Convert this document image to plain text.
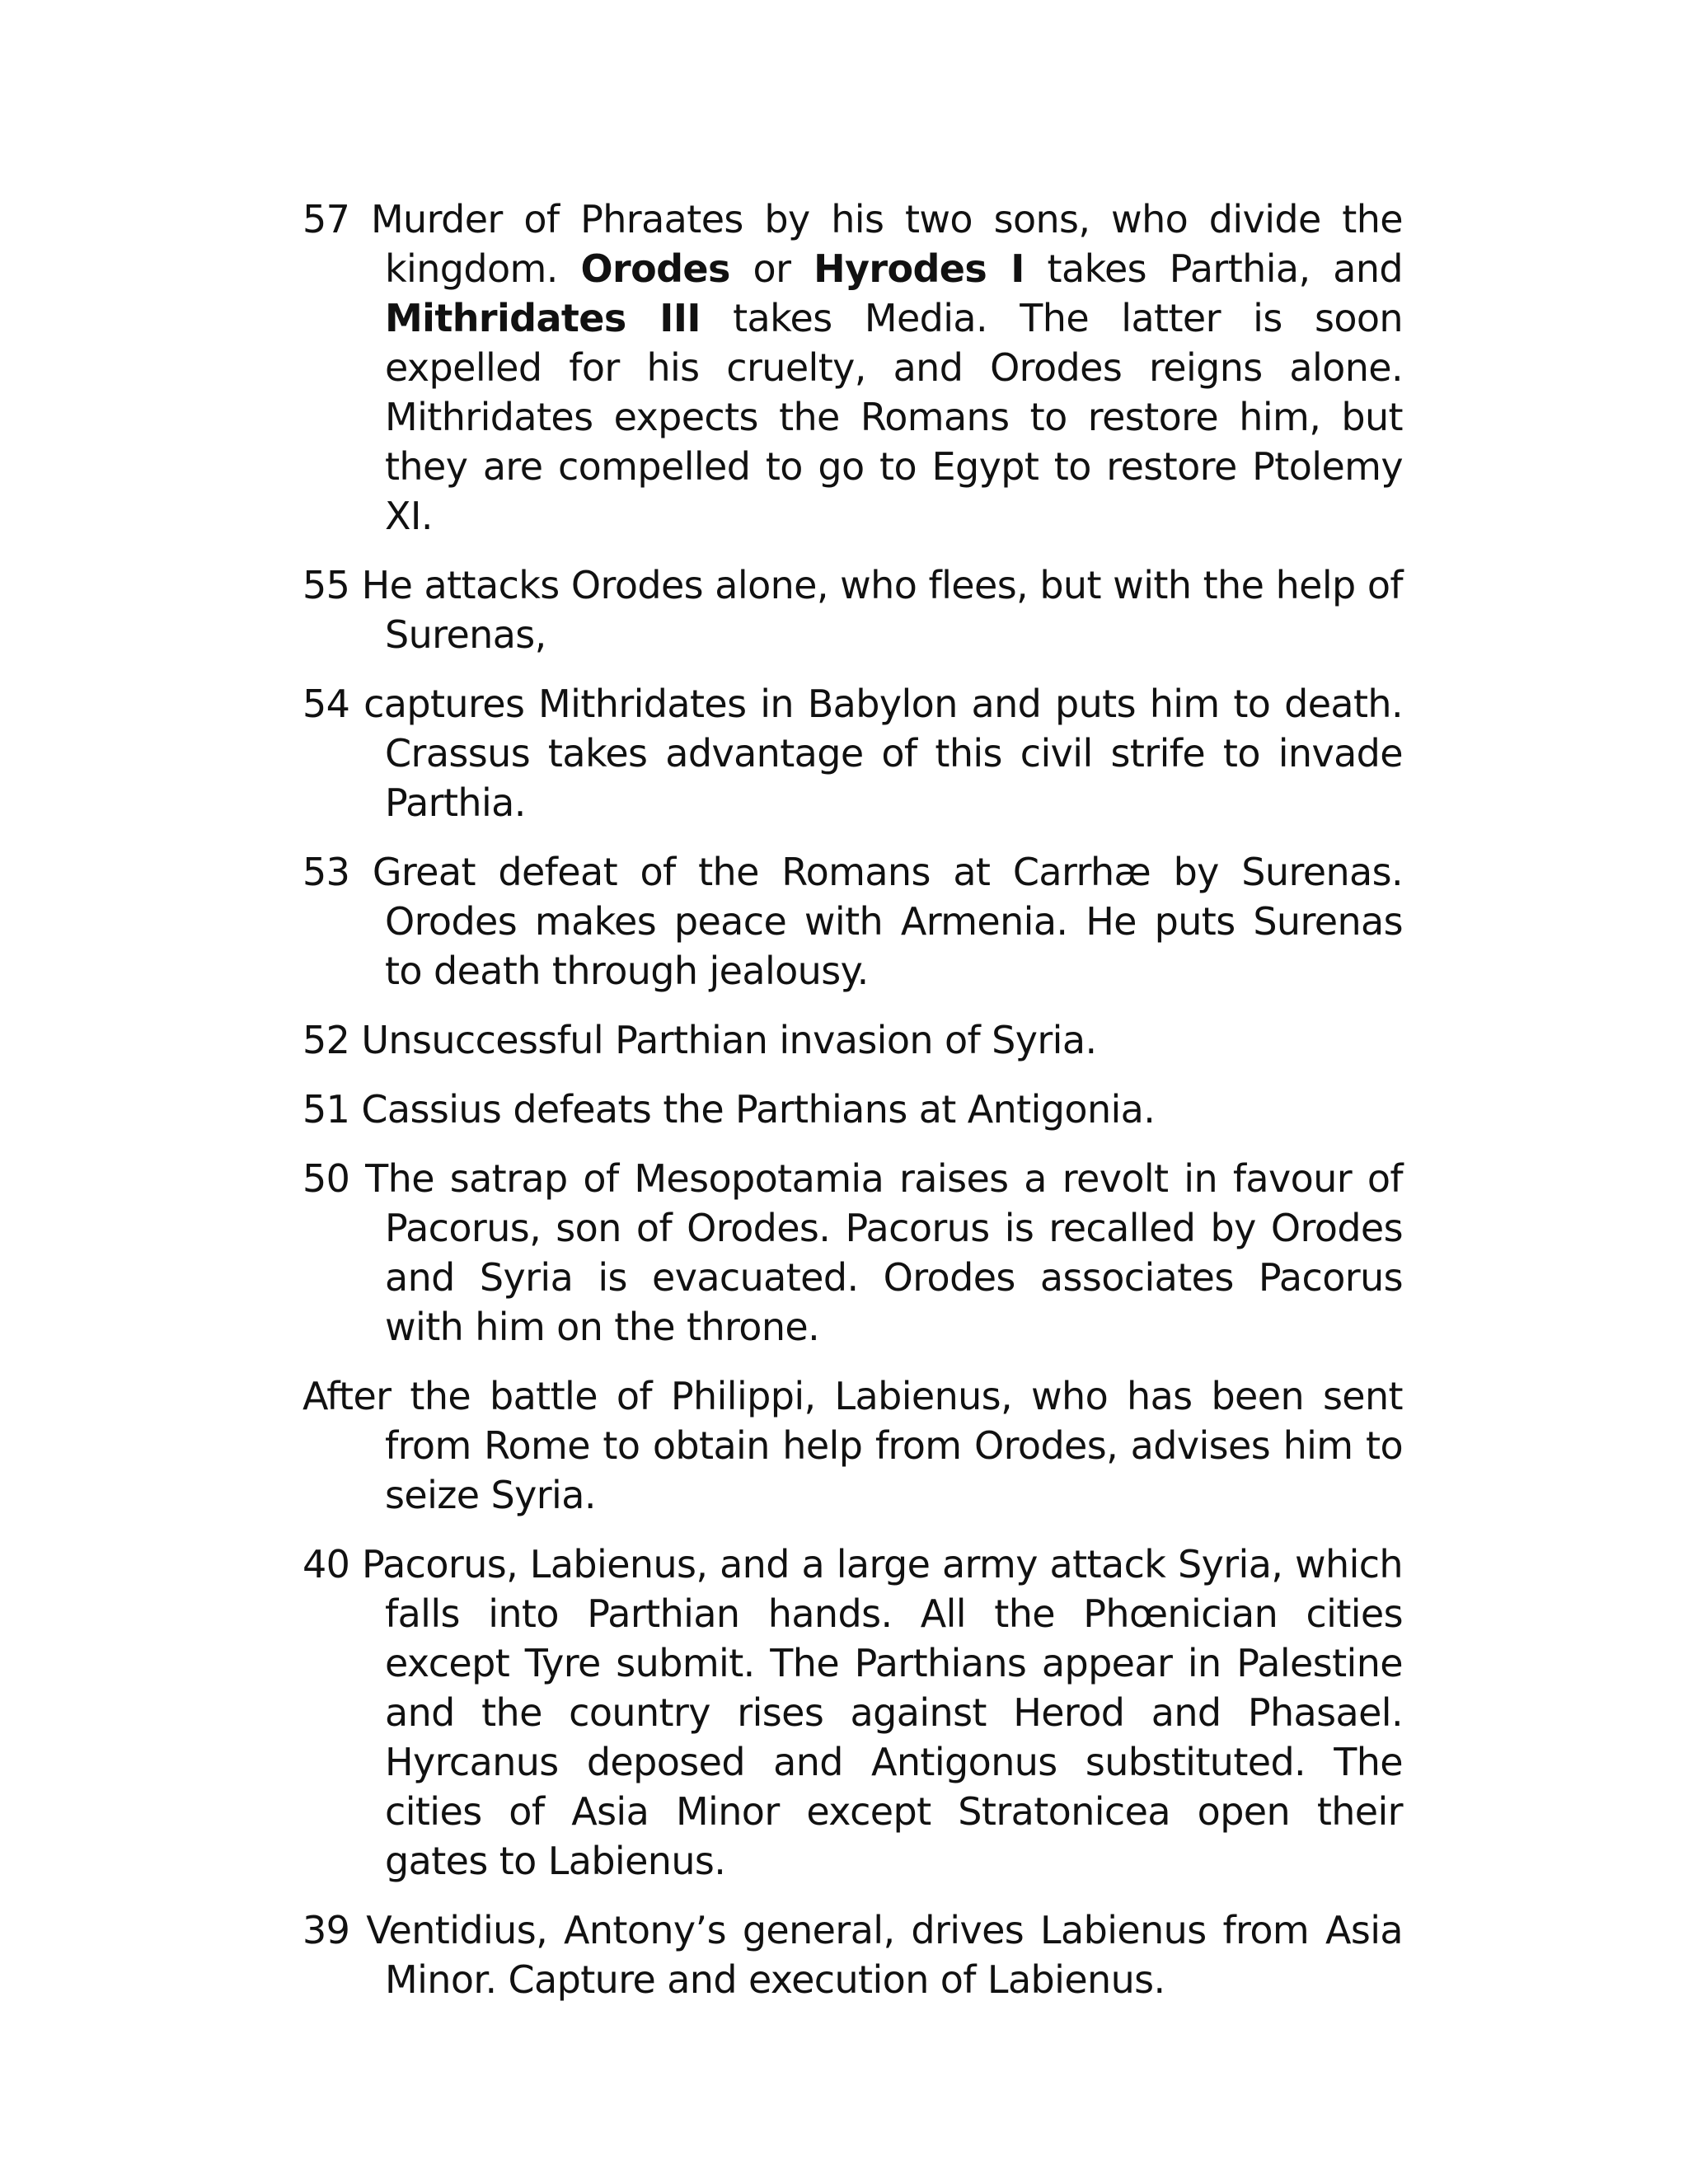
57 Murder of Phraates by his two sons, who divide the kingdom. Orodes or Hyrodes I takes Parthia, and Mithridates III takes Media. The latter is soon expelled for his cruelty, and Orodes reigns alone. Mithridates expects the Romans to restore him, but they are compelled to go to Egypt to restore Ptolemy XI.

55 He attacks Orodes alone, who flees, but with the help of Surenas,

54 captures Mithridates in Babylon and puts him to death. Crassus takes advantage of this civil strife to invade Parthia.

53 Great defeat of the Romans at Carrhæ by Surenas. Orodes makes peace with Armenia. He puts Surenas to death through jealousy.

52 Unsuccessful Parthian invasion of Syria.

51 Cassius defeats the Parthians at Antigonia.

50 The satrap of Mesopotamia raises a revolt in favour of Pacorus, son of Orodes. Pacorus is recalled by Orodes and Syria is evacuated. Orodes associates Pacorus with him on the throne.

After the battle of Philippi, Labienus, who has been sent from Rome to obtain help from Orodes, advises him to seize Syria.

40 Pacorus, Labienus, and a large army attack Syria, which falls into Parthian hands. All the Phœnician cities except Tyre submit. The Parthians appear in Palestine and the country rises against Herod and Phasael. Hyrcanus deposed and Antigonus substituted. The cities of Asia Minor except Stratonicea open their gates to Labienus.

39 Ventidius, Antony’s general, drives Labienus from Asia Minor. Capture and execution of Labienus.
